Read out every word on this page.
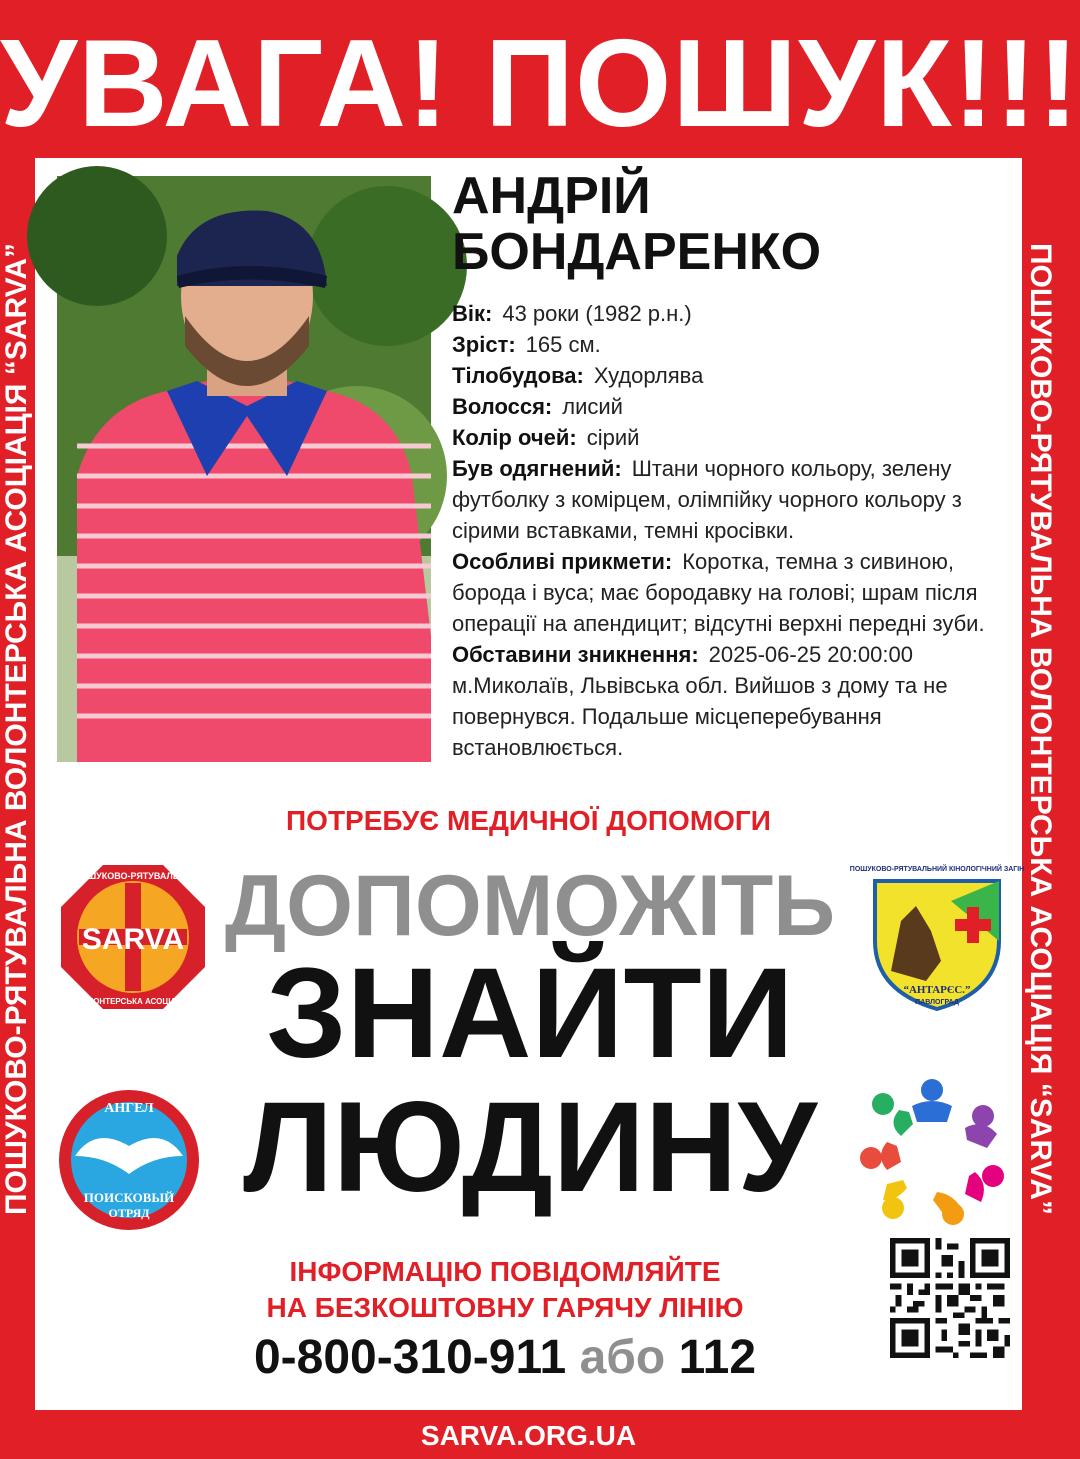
УВАГА! ПОШУК!!!
ПОШУКОВО-РЯТУВАЛЬНА ВОЛОНТЕРСЬКА АСОЦІАЦІЯ “SARVA”	ПОШУКОВО-РЯТУВАЛЬНА ВОЛОНТЕРСЬКА АСОЦІАЦІЯ “SARVA”
АНДРІЙ
БОНДАРЕНКО
Вік: 43 роки (1982 р.н.)
Зріст: 165 см.
Тілобудова: Худорлява
Волосся: лисий
Колір очей: сірий
Був одягнений: Штани чорного кольору, зелену футболку з комірцем, олімпійку чорного кольору з сірими вставками, темні кросівки.
Особливі прикмети: Коротка, темна з сивиною, борода і вуса; має бородавку на голові; шрам після операції на апендицит; відсутні верхні передні зуби.
Обставини зникнення: 2025-06-25 20:00:00 м.Миколаїв, Львівська обл. Вийшов з дому та не повернувся. Подальше місцеперебування встановлюється.
ПОТРЕБУЄ МЕДИЧНОЇ ДОПОМОГИ
ДОПОМОЖІТЬ
ЗНАЙТИ
ЛЮДИНУ
ПОШУКОВО-РЯТУВАЛЬНА
SARVA
ВОЛОНТЕРСЬКА АСОЦІАЦІЯ
ПОШУКОВО-РЯТУВАЛЬНИЙ КІНОЛОГІЧНИЙ ЗАГІН
“АНТАРЄС.”
ПАВЛОГРАД
АНГЕЛ
ПОИСКОВЫЙ
ОТРЯД
ІНФОРМАЦІЮ ПОВІДОМЛЯЙТЕ
НА БЕЗКОШТОВНУ ГАРЯЧУ ЛІНІЮ
0-800-310-911 або 112
SARVA.ORG.UA
